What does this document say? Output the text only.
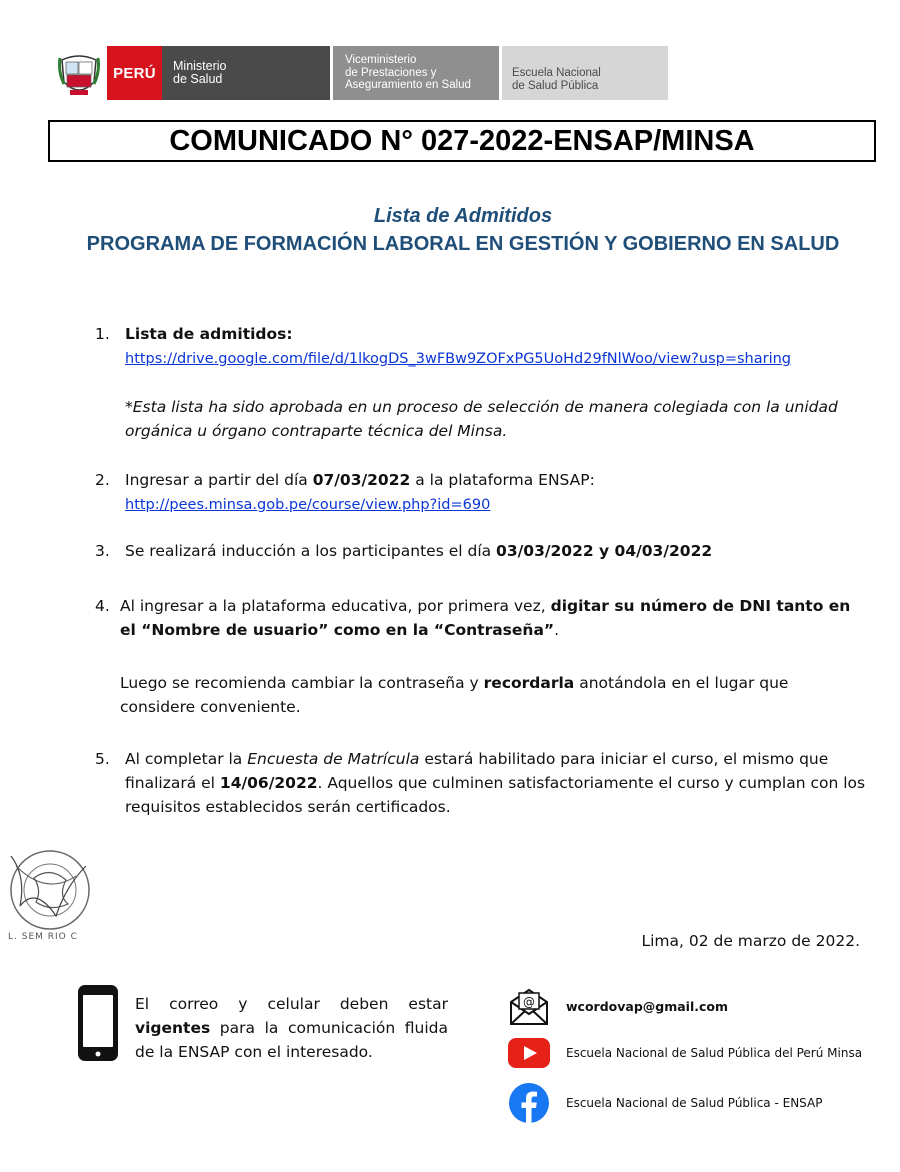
PERÚ	Ministerio
de Salud
Viceministerio
de Prestaciones y
Aseguramiento en Salud
Escuela Nacional
de Salud Pública
COMUNICADO N° 027-2022-ENSAP/MINSA
Lista de Admitidos
PROGRAMA DE FORMACIÓN LABORAL EN GESTIÓN Y GOBIERNO EN SALUD
1. Lista de admitidos:
https://drive.google.com/file/d/1lkogDS_3wFBw9ZOFxPG5UoHd29fNlWoo/view?usp=sharing
*Esta lista ha sido aprobada en un proceso de selección de manera colegiada con la unidad orgánica u órgano contraparte técnica del Minsa.
2. Ingresar a partir del día 07/03/2022 a la plataforma ENSAP:
http://pees.minsa.gob.pe/course/view.php?id=690
3. Se realizará inducción a los participantes el día 03/03/2022 y 04/03/2022
4. Al ingresar a la plataforma educativa, por primera vez, digitar su número de DNI tanto en el “Nombre de usuario” como en la “Contraseña”.
Luego se recomienda cambiar la contraseña y recordarla anotándola en el lugar que considere conveniente.
5. Al completar la Encuesta de Matrícula estará habilitado para iniciar el curso, el mismo que finalizará el 14/06/2022. Aquellos que culminen satisfactoriamente el curso y cumplan con los requisitos establecidos serán certificados.
L. SEM RIO C	Lima, 02 de marzo de 2022.
El correo y celular deben estar vigentes para la comunicación fluida de la ENSAP con el interesado.
@ wcordovap@gmail.com
Escuela Nacional de Salud Pública del Perú Minsa
Escuela Nacional de Salud Pública - ENSAP
